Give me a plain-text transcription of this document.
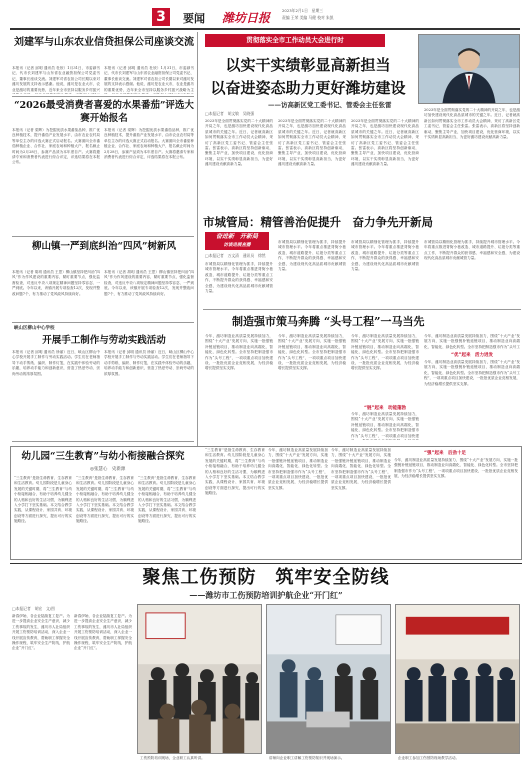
3	要闻 潍坊日报
2023年2月1日　星期三
责编 王荣 美编 马健 校对 朱凯
刘建军与山东农业信贷担保公司座谈交流
本报讯（记者 邱明 通讯员 杜欣）1月31日，市委副书记、代市长刘建军与山东省农业融资担保公司党委书记、董事长座谈交流。刘建军对省农担公司长期以来对潍坊发展的支持表示感谢。他说，潍坊是农业大市，农业是潍坊的重要优势，近年来全市坚持以服务乡村振兴
本报讯（记者 邱明 通讯员 杜欣）1月31日，市委副书记、代市长刘建军与山东省农业融资担保公司党委书记、董事长座谈交流。刘建军对省农担公司长期以来对潍坊发展的支持表示感谢。他说，潍坊是农业大市，农业是潍坊的重要优势，近年来全市坚持以服务乡村振兴战略为主
“2026最受消费者喜爱的水果番茄”评选大赛开始报名
本报讯（记者 梁辉）为挖掘优质水果番茄品种，推广优良种植技术，提升番茄产业发展水平，由市农业农村局等单位主办的评选大赛正式启动报名。大赛面向全市番茄种植企业、合作社、家庭农场和种植大户，报名截止时间为2月28日，参赛产品须为本年度自产。大赛将邀请专家和消费者代表进行综合评定，评选结果将在本报公布。
本报讯（记者 梁辉）为挖掘优质水果番茄品种，推广优良种植技术，提升番茄产业发展水平，由市农业农村局等单位主办的评选大赛正式启动报名。大赛面向全市番茄种植企业、合作社、家庭农场和种植大户，报名截止时间为2月28日，参赛产品须为本年度自产。大赛将邀请专家和消费者代表进行综合评定，评选结果将在本报公布。
柳山镇一严到底纠治“四风”树新风
本报讯（记者 胡玥 通讯员 王思）柳山镇坚持把纠治“四风”作为作风建设的重要内容，紧盯重要节点，强化监督检查，对违反中央八项规定精神问题坚持零容忍、一严到底。今年以来，该镇开展专项检查12次，发现并整改问题7个，有力推动了党风政风持续向好。
本报讯（记者 胡玥 通讯员 王思）柳山镇坚持把纠治“四风”作为作风建设的重要内容，紧盯重要节点，强化监督检查，对违反中央八项规定精神问题坚持零容忍、一严到底。今年以来，该镇开展专项检查12次，发现并整改问题7个，有力推动了党风政风持续向好。
峡山区柳山中心学校
开展手工制作与劳动实践活动
本报讯（记者 邱明 通讯员 徐丽）近日，峡山区柳山中心学校开展手工制作与劳动实践活动。学生们在老师指导下动手剪纸、编织、制作灯笼，在实践中体验劳动的乐趣，培养动手能力和创新意识，营造了热爱劳动、崇尚劳动的浓厚氛围。
本报讯（记者 邱明 通讯员 徐丽）近日，峡山区柳山中心学校开展手工制作与劳动实践活动。学生们在老师指导下动手剪纸、编织、制作灯笼，在实践中体验劳动的乐趣，培养动手能力和创新意识，营造了热爱劳动、崇尚劳动的浓厚氛围。
贯彻落实全市工作动员大会进行时
以实干实绩彰显高新担当
以奋进姿态助力更好潍坊建设
——访高新区党工委书记、管委会主任张雷
□本报记者　胡文敏　吴晓强
2023年是全面贯彻落实党的二十大精神的开局之年，也是潍坊加快建设现代化高品质城市的关键之年。近日，记者就高新区如何贯彻落实全市工作动员大会精神，采访了高新区党工委书记、管委会主任张雷。张雷表示，高新区将坚持创新驱动，聚焦主导产业，加快项目建设，优化营商环境，以实干实绩彰显高新担当，为更好潍坊建设贡献高新力量。
2023年是全面贯彻落实党的二十大精神的开局之年，也是潍坊加快建设现代化高品质城市的关键之年。近日，记者就高新区如何贯彻落实全市工作动员大会精神，采访了高新区党工委书记、管委会主任张雷。张雷表示，高新区将坚持创新驱动，聚焦主导产业，加快项目建设，优化营商环境，以实干实绩彰显高新担当，为更好潍坊建设贡献高新力量。
2023年是全面贯彻落实党的二十大精神的开局之年，也是潍坊加快建设现代化高品质城市的关键之年。近日，记者就高新区如何贯彻落实全市工作动员大会精神，采访了高新区党工委书记、管委会主任张雷。张雷表示，高新区将坚持创新驱动，聚焦主导产业，加快项目建设，优化营商环境，以实干实绩彰显高新担当，为更好潍坊建设贡献高新力量。
2023年是全面贯彻落实党的二十大精神的开局之年，也是潍坊加快建设现代化高品质城市的关键之年。近日，记者就高新区如何贯彻落实全市工作动员大会精神，采访了高新区党工委书记、管委会主任张雷。张雷表示，高新区将坚持创新驱动，聚焦主导产业，加快项目建设，优化营商环境，以实干实绩彰显高新担当，为更好潍坊建设贡献高新力量。
市城管局：精管善治促提升　奋力争先开新局
奋进新　开新局
访谈进展直播
□本报记者　万文清　通讯员　徐然
市城管局以精细化管理为抓手，持续提升城市管理水平。今年将重点推进背街小巷改造、城市道路提升、垃圾分类等重点工作，不断提升群众的获得感、幸福感和安全感，为建设现代化高品质城市贡献城管力量。
市城管局以精细化管理为抓手，持续提升城市管理水平。今年将重点推进背街小巷改造、城市道路提升、垃圾分类等重点工作，不断提升群众的获得感、幸福感和安全感，为建设现代化高品质城市贡献城管力量。
市城管局以精细化管理为抓手，持续提升城市管理水平。今年将重点推进背街小巷改造、城市道路提升、垃圾分类等重点工作，不断提升群众的获得感、幸福感和安全感，为建设现代化高品质城市贡献城管力量。
市城管局以精细化管理为抓手，持续提升城市管理水平。今年将重点推进背街小巷改造、城市道路提升、垃圾分类等重点工作，不断提升群众的获得感、幸福感和安全感，为建设现代化高品质城市贡献城管力量。
制造强市策马奔腾 “头号工程”一马当先
今年，潍坊制造业高质量发展持续加力，围绕“十大产业”发展方向，实施一批强链补链延链项目，推动制造业向高端化、智能化、绿色化转型。全市坚持把制造强市作为“头号工程”，一项项重点项目加快建设，一批批优质企业竞相发展，为经济稳增长提供坚实支撑。
今年，潍坊制造业高质量发展持续加力，围绕“十大产业”发展方向，实施一批强链补链延链项目，推动制造业向高端化、智能化、绿色化转型。全市坚持把制造强市作为“头号工程”，一项项重点项目加快建设，一批批优质企业竞相发展，为经济稳增长提供坚实支撑。
“链”起来　动能蓬勃
今年，潍坊制造业高质量发展持续加力，围绕“十大产业”发展方向，实施一批强链补链延链项目，推动制造业向高端化、智能化、绿色化转型。全市坚持把制造强市作为“头号工程”，一项项重点项目加快建设，一批批优质企业竞相发展，为经济稳增长提供坚实支撑。
今年，潍坊制造业高质量发展持续加力，围绕“十大产业”发展方向，实施一批强链补链延链项目，推动制造业向高端化、智能化、绿色化转型。全市坚持把制造强市作为“头号工程”，一项项重点项目加快建
“优”起来　活力迸发
今年，潍坊制造业高质量发展持续加力，围绕“十大产业”发展方向，实施一批强链补链延链项目，推动制造业向高端化、智能化、绿色化转型。全市坚持把制造强市作为“头号工
今年，潍坊制造业高质量发展持续加力，围绕“十大产业”发展方向，实施一批强链补链延链项目，推动制造业向高端化、智能化、绿色化转型。全市坚持把制造强市作为“头号工程”，一项项重点项目加快建设，一批批优质企业竞相发展，为经济稳增长提供坚实支撑。
幼儿园“三生教育”与幼小衔接融合探究
◎张慧心　史新源
“三生教育”是指生命教育、生存教育和生活教育。幼儿园阶段是儿童身心发展的关键时期，将“三生教育”与幼小衔接相融合，有助于培养幼儿健全的人格和良好的生活习惯，为顺利进入小学打下坚实基础。本文结合教学实践，从课程设计、家园共育、环境创设等方面进行探究，提出可行的实施路径。
“三生教育”是指生命教育、生存教育和生活教育。幼儿园阶段是儿童身心发展的关键时期，将“三生教育”与幼小衔接相融合，有助于培养幼儿健全的人格和良好的生活习惯，为顺利进入小学打下坚实基础。本文结合教学实践，从课程设计、家园共育、环境创设等方面进行探究，提出可行的实施路径。
“三生教育”是指生命教育、生存教育和生活教育。幼儿园阶段是儿童身心发展的关键时期，将“三生教育”与幼小衔接相融合，有助于培养幼儿健全的人格和良好的生活习惯，为顺利进入小学打下坚实基础。本文结合教学实践，从课程设计、家园共育、环境创设等方面进行探究，提出可行的实施路径。
“三生教育”是指生命教育、生存教育和生活教育。幼儿园阶段是儿童身心发展的关键时期，将“三生教育”与幼小衔接相融合，有助于培养幼儿健全的人格和良好的生活习惯，为顺利进入小学打下坚实基础。本文结合教学实践，从课程设计、家园共育、环境创设等方面进行探究，提出可行的实施路径。
今年，潍坊制造业高质量发展持续加力，围绕“十大产业”发展方向，实施一批强链补链延链项目，推动制造业向高端化、智能化、绿色化转型。全市坚持把制造强市作为“头号工程”，一项项重点项目加快建设，一批批优质企业竞相发展，为经济稳增长提供坚实支撑。
今年，潍坊制造业高质量发展持续加力，围绕“十大产业”发展方向，实施一批强链补链延链项目，推动制造业向高端化、智能化、绿色化转型。全市坚持把制造强市作为“头号工程”，一项项重点项目加快建设，一批批优质企业竞相发展，为经济稳增长提供坚实支撑。
“强”起来　后劲十足
今年，潍坊制造业高质量发展持续加力，围绕“十大产业”发展方向，实施一批强链补链延链项目，推动制造业向高端化、智能化、绿色化转型。全市坚持把制造强市作为“头号工程”，一项项重点项目加快建设，一批批优质企业竞相发展，为经济稳增长提供坚实支撑。
聚焦工伤预防　筑牢安全防线
——潍坊市工伤预防培训护航企业“开门红”
□本报记者　胡宏　文/图
新春伊始，各企业陆续复工复产。为进一步提高企业安全生产意识，减少工伤事故的发生，潍坊市人社局组织开展工伤预防培训活动，深入企业一线开展宣传教育，帮助职工掌握安全操作规程，筑牢安全生产防线，护航企业“开门红”。
新春伊始，各企业陆续复工复产。为进一步提高企业安全生产意识，减少工伤事故的发生，潍坊市人社局组织开展工伤预防培训活动，深入企业一线开展宣传教育，帮助职工掌握安全操作规程，筑牢安全生产防线，护航企业“开门红”。
工伤预防培训现场，企业职工认真听讲。	讲师向企业职工讲解工伤预防知识并现场演示。	企业职工参加工伤预防现场教学活动。
